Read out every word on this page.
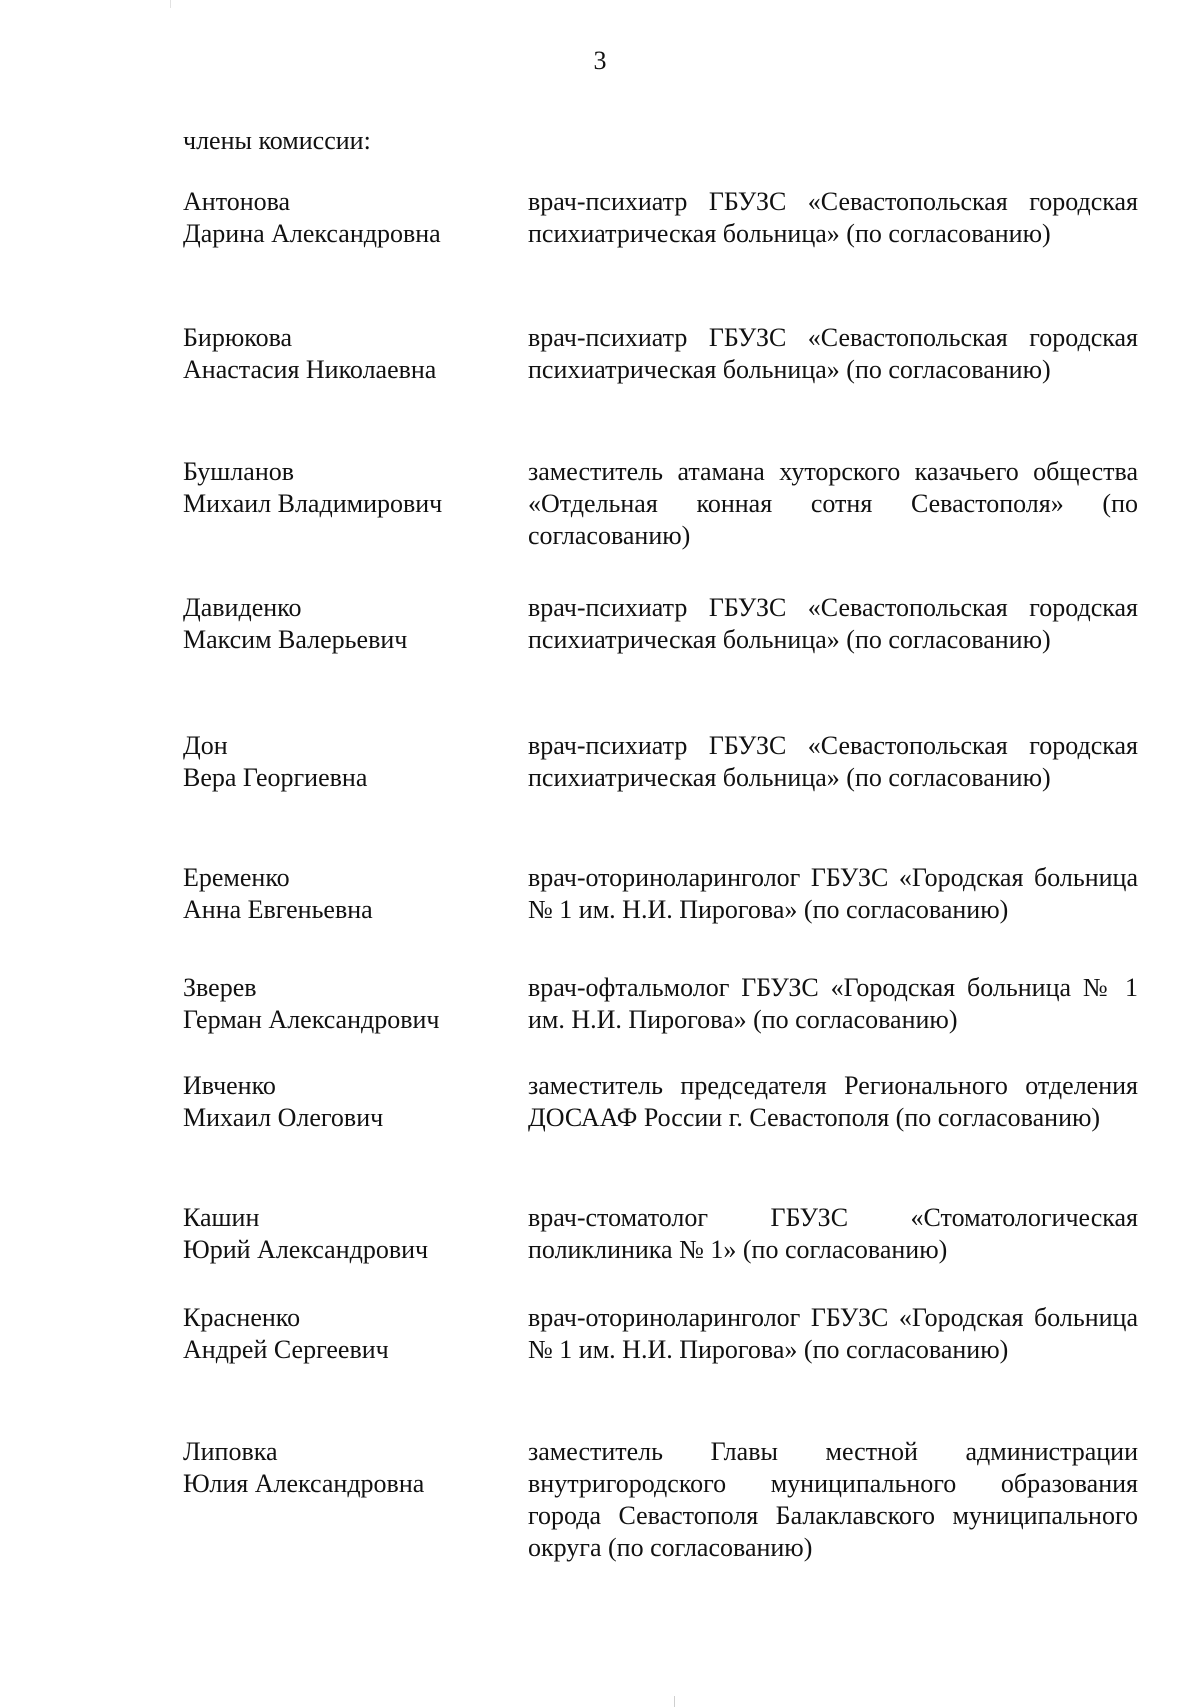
3
члены комиссии:
Антонова
Дарина Александровна
врач-психиатр ГБУЗС «Севастопольская городская психиатрическая больница» (по согласованию)
Бирюкова
Анастасия Николаевна
врач-психиатр ГБУЗС «Севастопольская городская психиатрическая больница» (по согласованию)
Бушланов
Михаил Владимирович
заместитель атамана хуторского казачьего общества «Отдельная конная сотня Севастополя» (по согласованию)
Давиденко
Максим Валерьевич
врач-психиатр ГБУЗС «Севастопольская городская психиатрическая больница» (по согласованию)
Дон
Вера Георгиевна
врач-психиатр ГБУЗС «Севастопольская городская психиатрическая больница» (по согласованию)
Еременко
Анна Евгеньевна
врач-оториноларинголог ГБУЗС «Городская больница № 1 им. Н.И. Пирогова» (по согласованию)
Зверев
Герман Александрович
врач-офтальмолог ГБУЗС «Городская больница № 1 им. Н.И. Пирогова» (по согласованию)
Ивченко
Михаил Олегович
заместитель председателя Регионального отделения ДОСААФ России г. Севастополя (по согласованию)
Кашин
Юрий Александрович
врач-стоматолог ГБУЗС «Стоматологическая поликлиника № 1» (по согласованию)
Красненко
Андрей Сергеевич
врач-оториноларинголог ГБУЗС «Городская больница № 1 им. Н.И. Пирогова» (по согласованию)
Липовка
Юлия Александровна
заместитель Главы местной администрации внутригородского муниципального образования города Севастополя Балаклавского муниципального округа (по согласованию)
